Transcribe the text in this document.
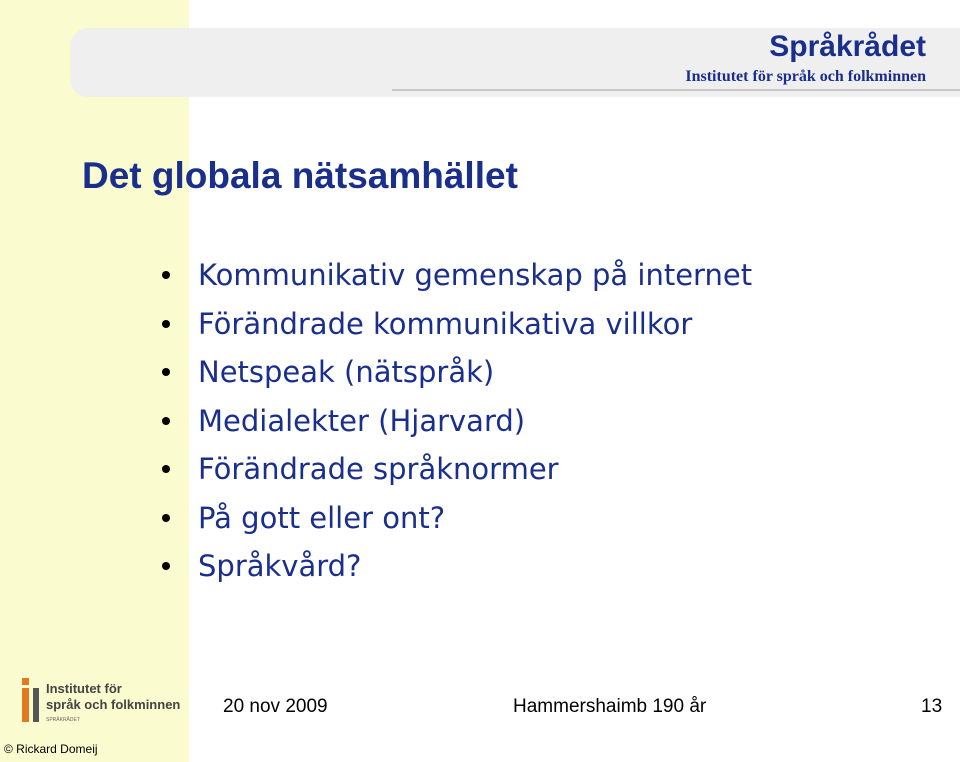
Språkrådet
Institutet för språk och folkminnen
Det globala nätsamhället
Kommunikativ gemenskap på internet
Förändrade kommunikativa villkor
Netspeak (nätspråk)
Medialekter (Hjarvard)
Förändrade språknormer
På gott eller ont?
Språkvård?
Institutet för
språk och folkminnen
SPRÅKRÅDET
© Rickard Domeij
20 nov 2009	Hammershaimb 190 år	13
